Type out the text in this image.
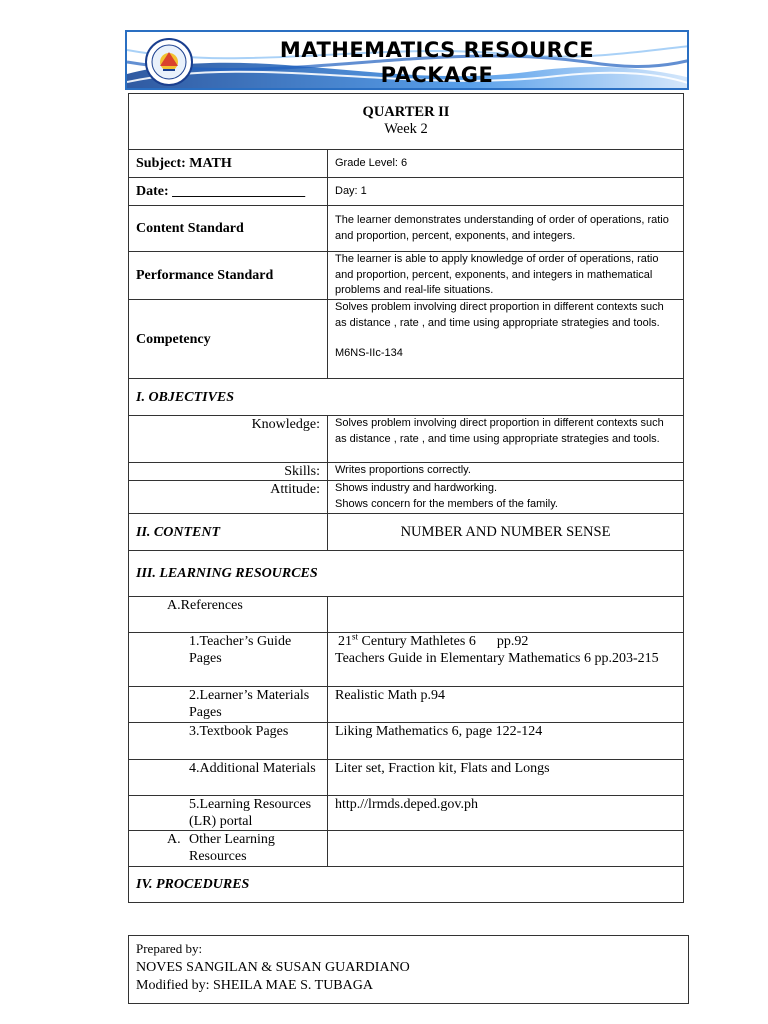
MATHEMATICS RESOURCE
PACKAGE
QUARTER II
Week 2	

Subject: MATH	Grade Level: 6
Date: ___________________	Day: 1
Content Standard	The learner demonstrates understanding of order of operations, ratio and proportion, percent, exponents, and integers.
Performance Standard	The learner is able to apply knowledge of order of operations, ratio and proportion, percent, exponents, and integers in mathematical problems and real-life situations.
Competency	Solves problem involving direct proportion in different contexts such as distance , rate , and time using appropriate strategies and tools.
M6NS-IIc-134

I. OBJECTIVES	
Knowledge:	Solves problem involving direct proportion in different contexts such as distance , rate , and time using appropriate strategies and tools.
Skills:	Writes proportions correctly.
Attitude:	Shows industry and hardworking.
Shows concern for the members of the family.

II. CONTENT	NUMBER AND NUMBER SENSE
III. LEARNING RESOURCES	
A.References	
1.Teacher’s Guide Pages	21st Century Mathletes 6      pp.92
Teachers Guide in Elementary Mathematics 6 pp.203-215

2.Learner’s Materials Pages	Realistic Math p.94
3.Textbook Pages	Liking Mathematics 6, page 122-124
4.Additional Materials	Liter set, Fraction kit, Flats and Longs
5.Learning Resources (LR) portal	http.//lrmds.deped.gov.ph

A. Other Learning Resources	

IV. PROCEDURES	
Prepared by:
NOVES SANGILAN & SUSAN GUARDIANO
Modified by: SHEILA MAE S. TUBAGA
